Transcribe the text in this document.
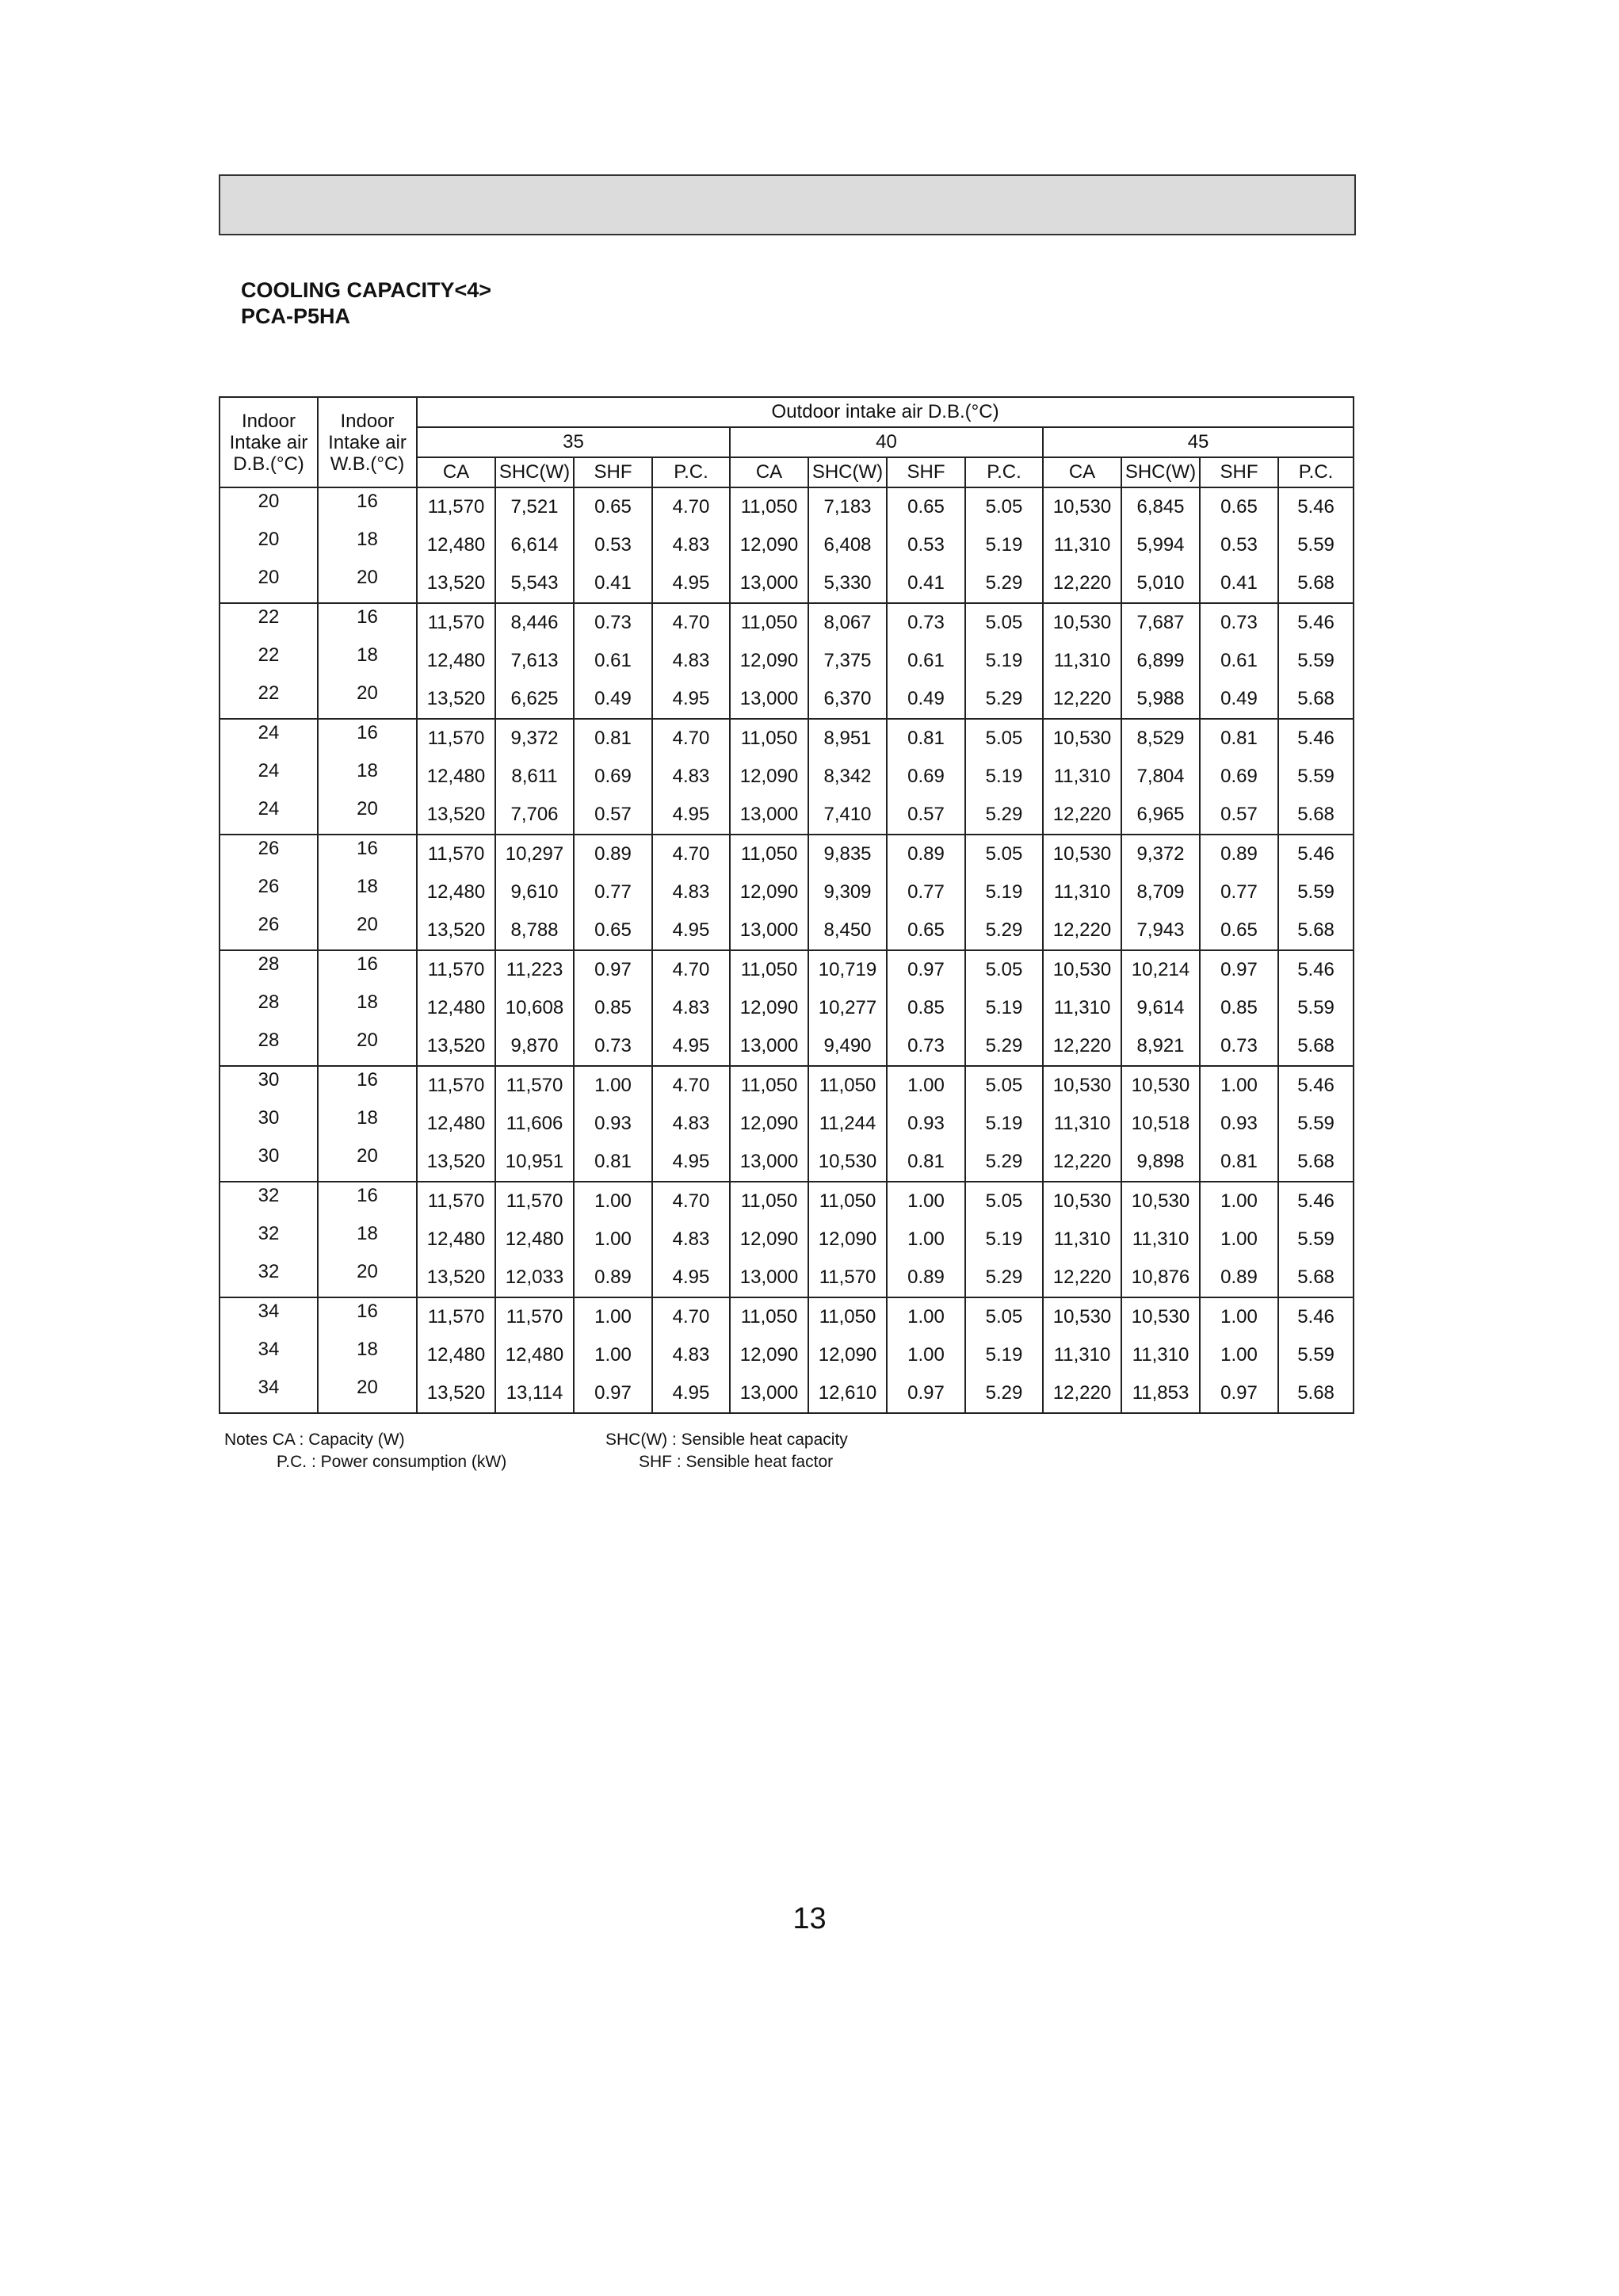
COOLING CAPACITY<4>
PCA-P5HA
Indoor
Intake air
D.B.(°C)	Indoor
Intake air
W.B.(°C)	Outdoor intake air D.B.(°C)											
		35				40				45			
		CA	SHC(W)	SHF	P.C.	CA	SHC(W)	SHF	P.C.	CA	SHC(W)	SHF	P.C.
20	16	11,570	7,521	0.65	4.70	11,050	7,183	0.65	5.05	10,530	6,845	0.65	5.46
20	18	12,480	6,614	0.53	4.83	12,090	6,408	0.53	5.19	11,310	5,994	0.53	5.59
20	20	13,520	5,543	0.41	4.95	13,000	5,330	0.41	5.29	12,220	5,010	0.41	5.68
22	16	11,570	8,446	0.73	4.70	11,050	8,067	0.73	5.05	10,530	7,687	0.73	5.46
22	18	12,480	7,613	0.61	4.83	12,090	7,375	0.61	5.19	11,310	6,899	0.61	5.59
22	20	13,520	6,625	0.49	4.95	13,000	6,370	0.49	5.29	12,220	5,988	0.49	5.68
24	16	11,570	9,372	0.81	4.70	11,050	8,951	0.81	5.05	10,530	8,529	0.81	5.46
24	18	12,480	8,611	0.69	4.83	12,090	8,342	0.69	5.19	11,310	7,804	0.69	5.59
24	20	13,520	7,706	0.57	4.95	13,000	7,410	0.57	5.29	12,220	6,965	0.57	5.68
26	16	11,570	10,297	0.89	4.70	11,050	9,835	0.89	5.05	10,530	9,372	0.89	5.46
26	18	12,480	9,610	0.77	4.83	12,090	9,309	0.77	5.19	11,310	8,709	0.77	5.59
26	20	13,520	8,788	0.65	4.95	13,000	8,450	0.65	5.29	12,220	7,943	0.65	5.68
28	16	11,570	11,223	0.97	4.70	11,050	10,719	0.97	5.05	10,530	10,214	0.97	5.46
28	18	12,480	10,608	0.85	4.83	12,090	10,277	0.85	5.19	11,310	9,614	0.85	5.59
28	20	13,520	9,870	0.73	4.95	13,000	9,490	0.73	5.29	12,220	8,921	0.73	5.68
30	16	11,570	11,570	1.00	4.70	11,050	11,050	1.00	5.05	10,530	10,530	1.00	5.46
30	18	12,480	11,606	0.93	4.83	12,090	11,244	0.93	5.19	11,310	10,518	0.93	5.59
30	20	13,520	10,951	0.81	4.95	13,000	10,530	0.81	5.29	12,220	9,898	0.81	5.68
32	16	11,570	11,570	1.00	4.70	11,050	11,050	1.00	5.05	10,530	10,530	1.00	5.46
32	18	12,480	12,480	1.00	4.83	12,090	12,090	1.00	5.19	11,310	11,310	1.00	5.59
32	20	13,520	12,033	0.89	4.95	13,000	11,570	0.89	5.29	12,220	10,876	0.89	5.68
34	16	11,570	11,570	1.00	4.70	11,050	11,050	1.00	5.05	10,530	10,530	1.00	5.46
34	18	12,480	12,480	1.00	4.83	12,090	12,090	1.00	5.19	11,310	11,310	1.00	5.59
34	20	13,520	13,114	0.97	4.95	13,000	12,610	0.97	5.29	12,220	11,853	0.97	5.68
Notes CA : Capacity (W)
P.C. : Power consumption (kW)
SHC(W) : Sensible heat capacity
SHF : Sensible heat factor
13
